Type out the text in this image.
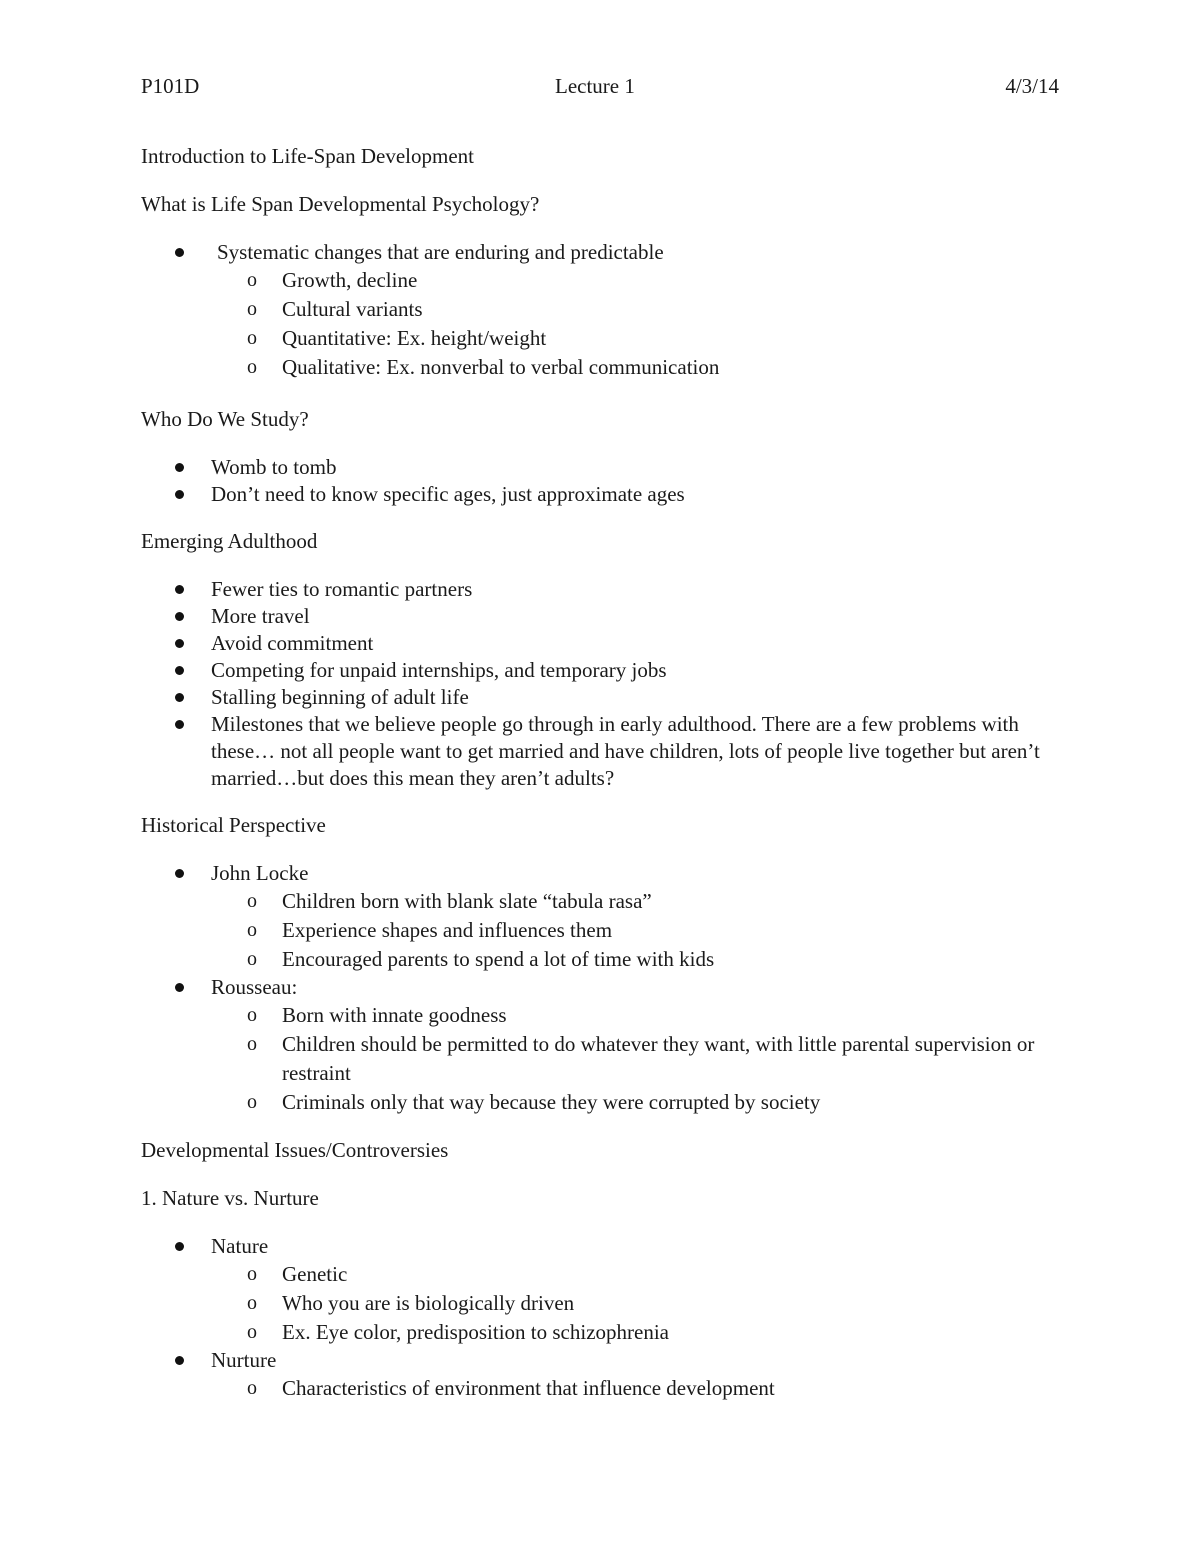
P101D	Lecture 1	4/3/14

Introduction to Life-Span Development

What is Life Span Developmental Psychology?

Systematic changes that are enduring and predictable
o Growth, decline
o Cultural variants
o Quantitative: Ex. height/weight
o Qualitative: Ex. nonverbal to verbal communication

Who Do We Study?

Womb to tomb
Don’t need to know specific ages, just approximate ages

Emerging Adulthood

Fewer ties to romantic partners
More travel
Avoid commitment
Competing for unpaid internships, and temporary jobs
Stalling beginning of adult life
Milestones that we believe people go through in early adulthood. There are a few problems with these… not all people want to get married and have children, lots of people live together but aren’t married…but does this mean they aren’t adults?

Historical Perspective

John Locke
o Children born with blank slate “tabula rasa”
o Experience shapes and influences them
o Encouraged parents to spend a lot of time with kids
Rousseau:
o Born with innate goodness
o Children should be permitted to do whatever they want, with little parental supervision or restraint
o Criminals only that way because they were corrupted by society

Developmental Issues/Controversies

1. Nature vs. Nurture

Nature
o Genetic
o Who you are is biologically driven
o Ex. Eye color, predisposition to schizophrenia
Nurture
o Characteristics of environment that influence development
